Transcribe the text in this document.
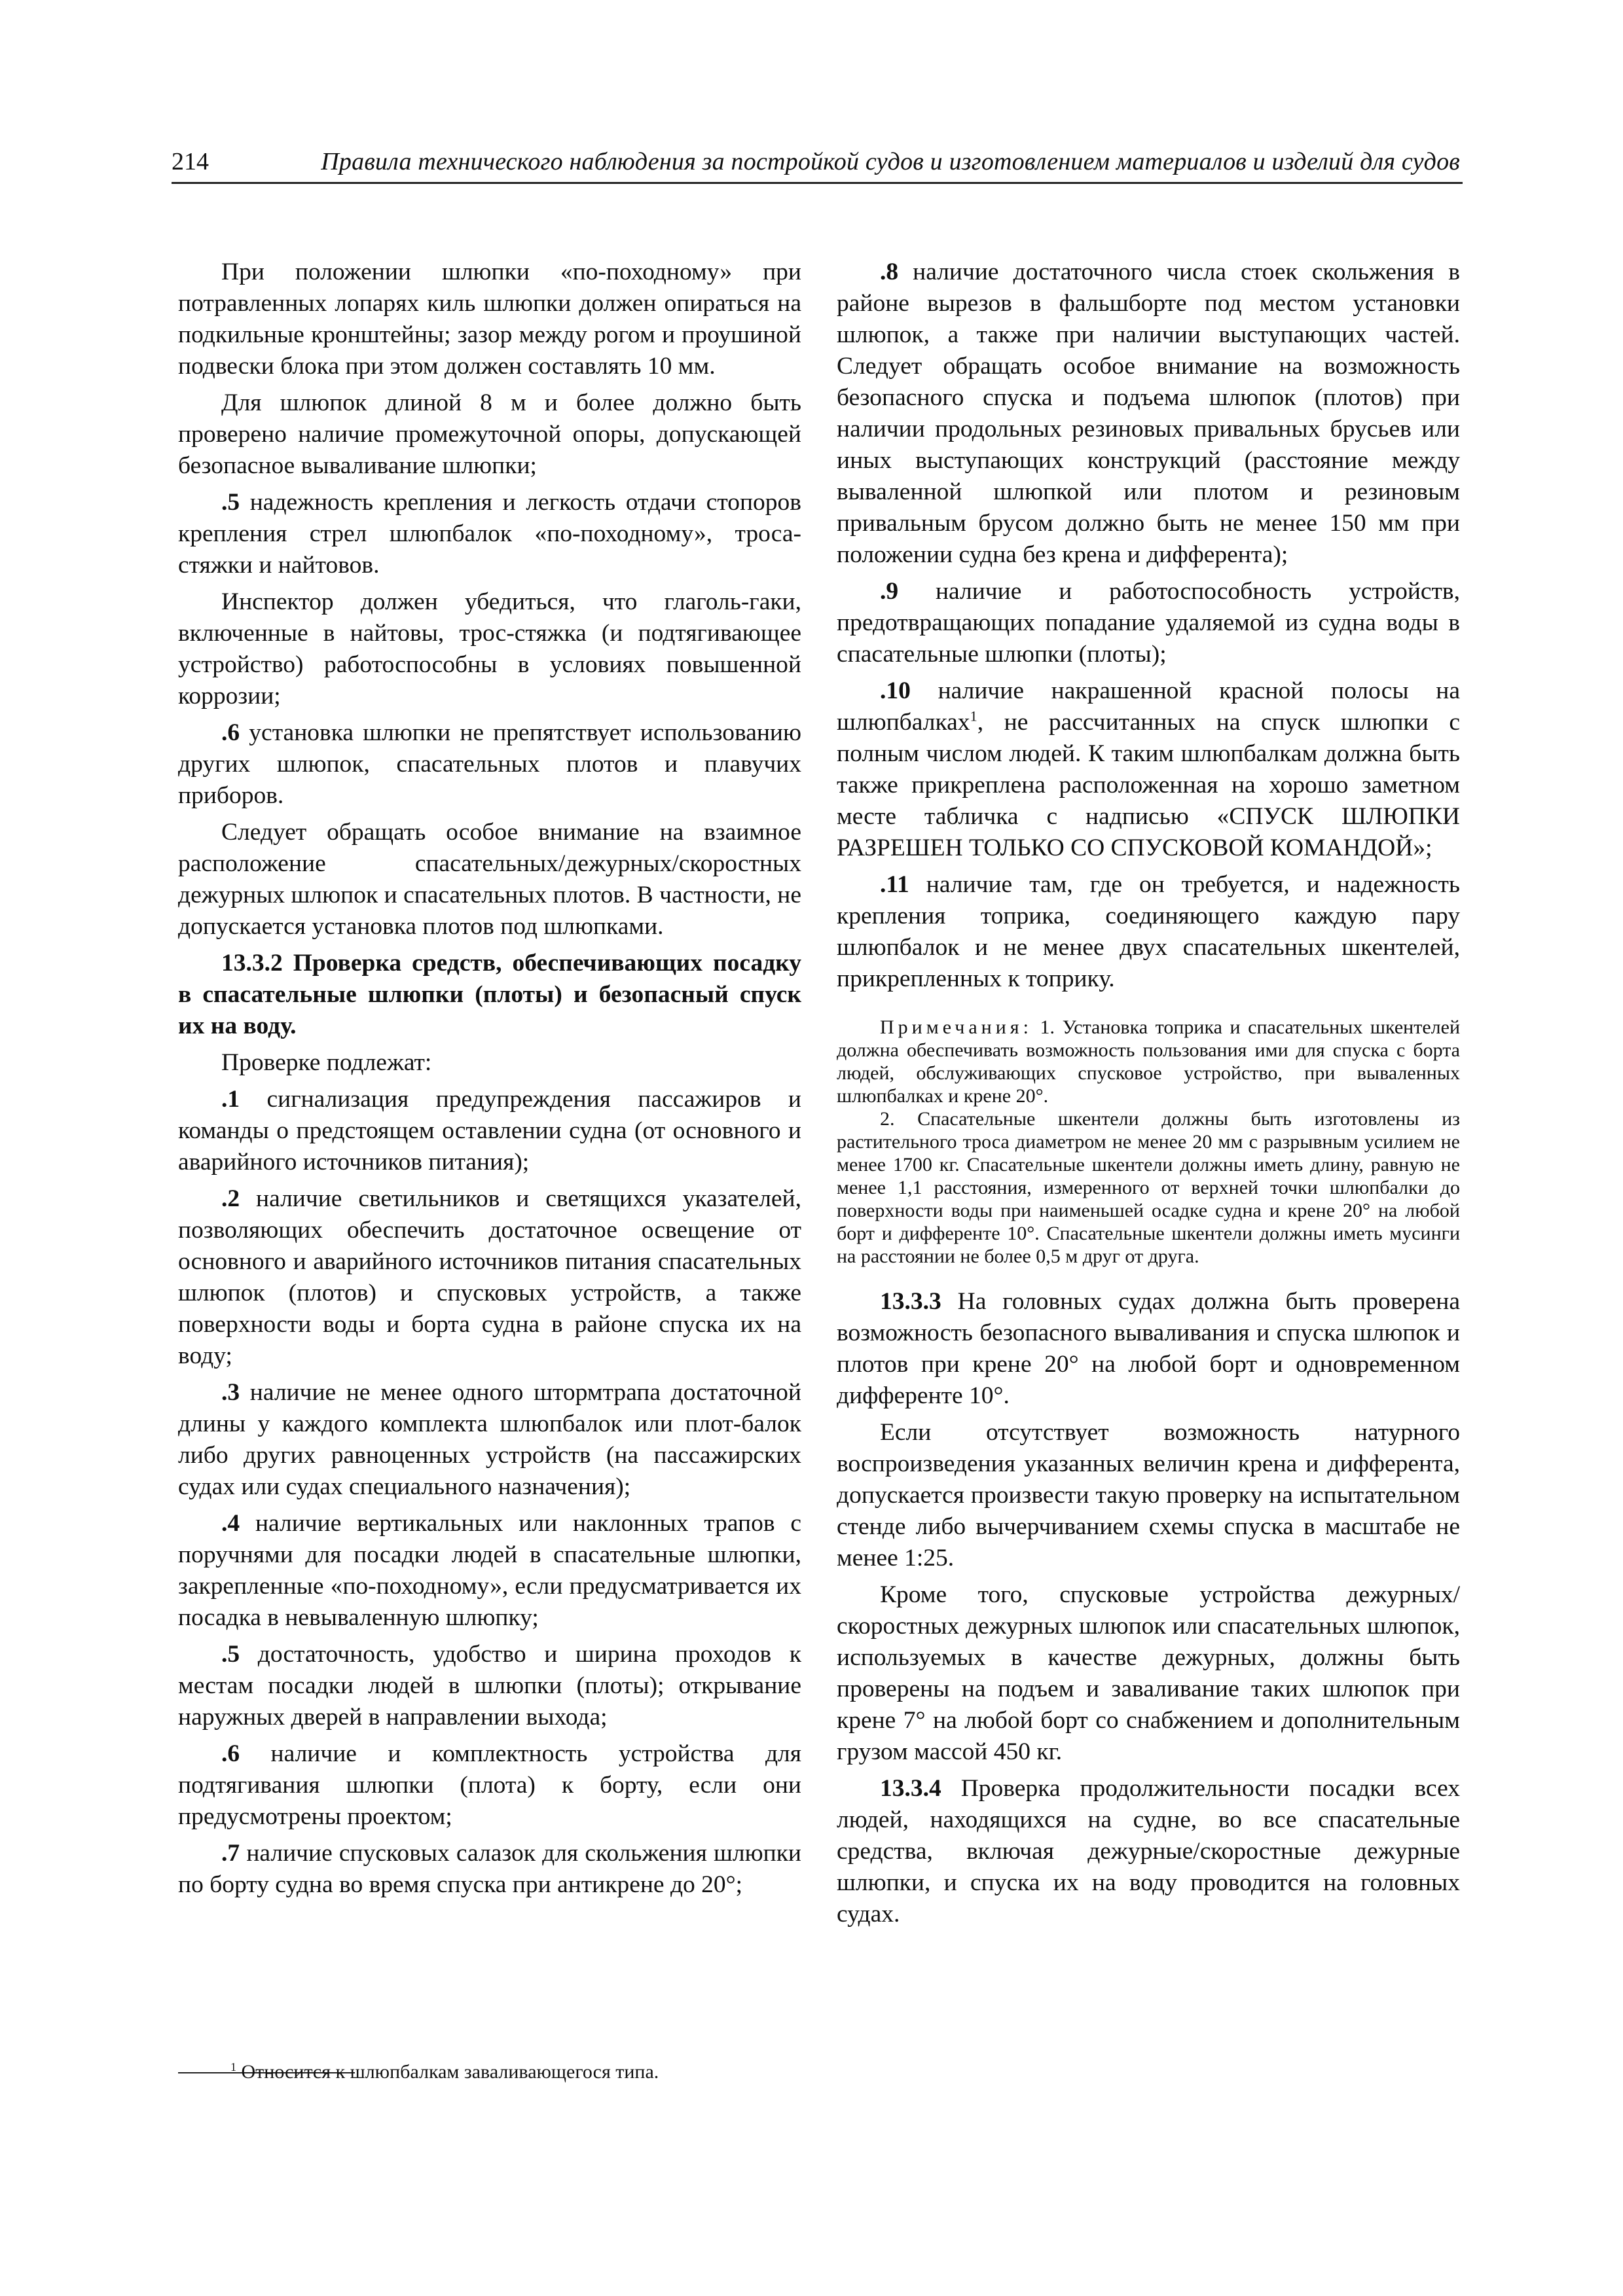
214	Правила технического наблюдения за постройкой судов и изготовлением материалов и изделий для судов

При положении шлюпки «по-походному» при потравленных лопарях киль шлюпки должен опираться на подкильные кронштейны; зазор между рогом и проушиной подвески блока при этом должен составлять 10 мм.

Для шлюпок длиной 8 м и более должно быть проверено наличие промежуточной опоры, допускающей безопасное вываливание шлюпки;

.5 надежность крепления и легкость отдачи стопоров крепления стрел шлюпбалок «по-походному», троса-стяжки и найтовов.

Инспектор должен убедиться, что глаголь-гаки, включенные в найтовы, трос-стяжка (и подтягивающее устройство) работоспособны в условиях повышенной коррозии;

.6 установка шлюпки не препятствует использованию других шлюпок, спасательных плотов и плавучих приборов.

Следует обращать особое внимание на взаимное расположение спасательных/дежурных/скоростных дежурных шлюпок и спасательных плотов. В частности, не допускается установка плотов под шлюпками.

13.3.2 Проверка средств, обеспечивающих посадку в спасательные шлюпки (плоты) и безопасный спуск их на воду.

Проверке подлежат:

.1 сигнализация предупреждения пассажиров и команды о предстоящем оставлении судна (от основного и аварийного источников питания);

.2 наличие светильников и светящихся указателей, позволяющих обеспечить достаточное освещение от основного и аварийного источников питания спасательных шлюпок (плотов) и спусковых устройств, а также поверхности воды и борта судна в районе спуска их на воду;

.3 наличие не менее одного штормтрапа достаточной длины у каждого комплекта шлюпбалок или плот-балок либо других равноценных устройств (на пассажирских судах или судах специального назначения);

.4 наличие вертикальных или наклонных трапов с поручнями для посадки людей в спасательные шлюпки, закрепленные «по-походному», если предусматривается их посадка в невываленную шлюпку;

.5 достаточность, удобство и ширина проходов к местам посадки людей в шлюпки (плоты); открывание наружных дверей в направлении выхода;

.6 наличие и комплектность устройства для подтягивания шлюпки (плота) к борту, если они предусмотрены проектом;

.7 наличие спусковых салазок для скольжения шлюпки по борту судна во время спуска при антикрене до 20°;

.8 наличие достаточного числа стоек скольжения в районе вырезов в фальшборте под местом установки шлюпок, а также при наличии выступающих частей. Следует обращать особое внимание на возможность безопасного спуска и подъема шлюпок (плотов) при наличии продольных резиновых привальных брусьев или иных выступающих конструкций (расстояние между вываленной шлюпкой или плотом и резиновым привальным брусом должно быть не менее 150 мм при положении судна без крена и дифферента);

.9 наличие и работоспособность устройств, предотвращающих попадание удаляемой из судна воды в спасательные шлюпки (плоты);

.10 наличие накрашенной красной полосы на шлюпбалках$^1$, не рассчитанных на спуск шлюпки с полным числом людей. К таким шлюпбалкам должна быть также прикреплена расположенная на хорошо заметном месте табличка с надписью «СПУСК ШЛЮПКИ РАЗРЕШЕН ТОЛЬКО СО СПУСКОВОЙ КОМАНДОЙ»;

.11 наличие там, где он требуется, и надежность крепления топрика, соединяющего каждую пару шлюпбалок и не менее двух спасательных шкентелей, прикрепленных к топрику.

Примечания: 1. Установка топрика и спасательных шкентелей должна обеспечивать возможность пользования ими для спуска с борта людей, обслуживающих спусковое устройство, при вываленных шлюпбалках и крене 20°.

2. Спасательные шкентели должны быть изготовлены из растительного троса диаметром не менее 20 мм с разрывным усилием не менее 1700 кг. Спасательные шкентели должны иметь длину, равную не менее 1,1 расстояния, измеренного от верхней точки шлюпбалки до поверхности воды при наименьшей осадке судна и крене 20° на любой борт и дифференте 10°. Спасательные шкентели должны иметь мусинги на расстоянии не более 0,5 м друг от друга.

13.3.3 На головных судах должна быть проверена возможность безопасного вываливания и спуска шлюпок и плотов при крене 20° на любой борт и одновременном дифференте 10°.

Если отсутствует возможность натурного воспроизведения указанных величин крена и дифферента, допускается произвести такую проверку на испытательном стенде либо вычерчиванием схемы спуска в масштабе не менее 1:25.

Кроме того, спусковые устройства дежурных/скоростных дежурных шлюпок или спасательных шлюпок, используемых в качестве дежурных, должны быть проверены на подъем и заваливание таких шлюпок при крене 7° на любой борт со снабжением и дополнительным грузом массой 450 кг.

13.3.4 Проверка продолжительности посадки всех людей, находящихся на судне, во все спасательные средства, включая дежурные/скоростные дежурные шлюпки, и спуска их на воду проводится на головных судах.

$^1$ Относится к шлюпбалкам заваливающегося типа.
